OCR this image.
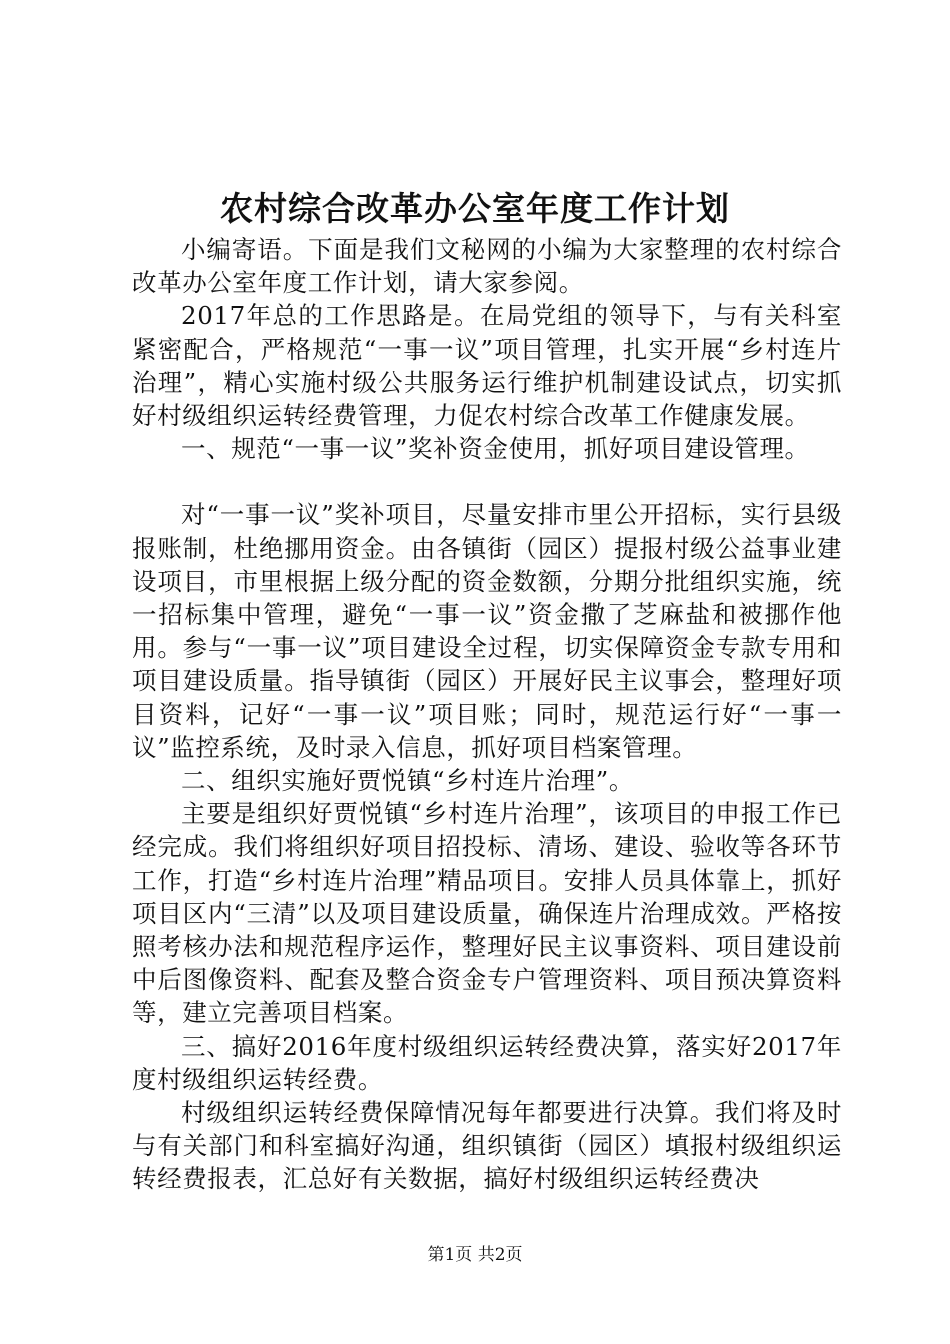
农村综合改革办公室年度工作计划

小编寄语。下面是我们文秘网的小编为大家整理的农村综合改革办公室年度工作计划，请大家参阅。

2017年总的工作思路是。在局党组的领导下，与有关科室紧密配合，严格规范“一事一议”项目管理，扎实开展“乡村连片治理”，精心实施村级公共服务运行维护机制建设试点，切实抓好村级组织运转经费管理，力促农村综合改革工作健康发展。

一、规范“一事一议”奖补资金使用，抓好项目建设管理。

对“一事一议”奖补项目，尽量安排市里公开招标，实行县级报账制，杜绝挪用资金。由各镇街（园区）提报村级公益事业建设项目，市里根据上级分配的资金数额，分期分批组织实施，统一招标集中管理，避免“一事一议”资金撒了芝麻盐和被挪作他用。参与“一事一议”项目建设全过程，切实保障资金专款专用和项目建设质量。指导镇街（园区）开展好民主议事会，整理好项目资料，记好“一事一议”项目账；同时，规范运行好“一事一议”监控系统，及时录入信息，抓好项目档案管理。

二、组织实施好贾悦镇“乡村连片治理”。

主要是组织好贾悦镇“乡村连片治理”，该项目的申报工作已经完成。我们将组织好项目招投标、清场、建设、验收等各环节工作，打造“乡村连片治理”精品项目。安排人员具体靠上，抓好项目区内“三清”以及项目建设质量，确保连片治理成效。严格按照考核办法和规范程序运作，整理好民主议事资料、项目建设前中后图像资料、配套及整合资金专户管理资料、项目预决算资料等，建立完善项目档案。

三、搞好2016年度村级组织运转经费决算，落实好2017年度村级组织运转经费。

村级组织运转经费保障情况每年都要进行决算。我们将及时与有关部门和科室搞好沟通，组织镇街（园区）填报村级组织运转经费报表，汇总好有关数据，搞好村级组织运转经费决

第1页 共2页
